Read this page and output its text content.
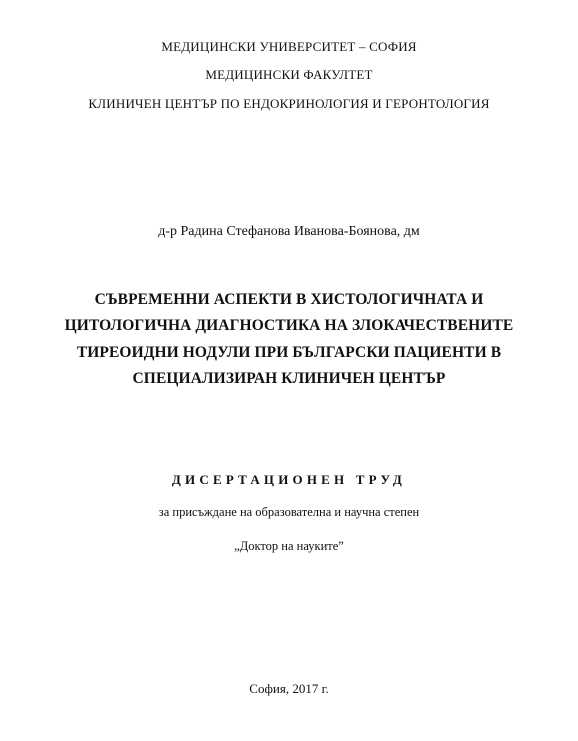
МЕДИЦИНСКИ УНИВЕРСИТЕТ – СОФИЯ
МЕДИЦИНСКИ ФАКУЛТЕТ
КЛИНИЧЕН ЦЕНТЪР ПО ЕНДОКРИНОЛОГИЯ И ГЕРОНТОЛОГИЯ
д-р Радина Стефанова Иванова-Боянова, дм
СЪВРЕМЕННИ АСПЕКТИ В ХИСТОЛОГИЧНАТА И
ЦИТОЛОГИЧНА ДИАГНОСТИКА НА ЗЛОКАЧЕСТВЕНИТЕ
ТИРЕОИДНИ НОДУЛИ ПРИ БЪЛГАРСКИ ПАЦИЕНТИ В
СПЕЦИАЛИЗИРАН КЛИНИЧЕН ЦЕНТЪР
ДИСЕРТАЦИОНЕН ТРУД
за присъждане на образователна и научна степен
„Доктор на науките”
София, 2017 г.
